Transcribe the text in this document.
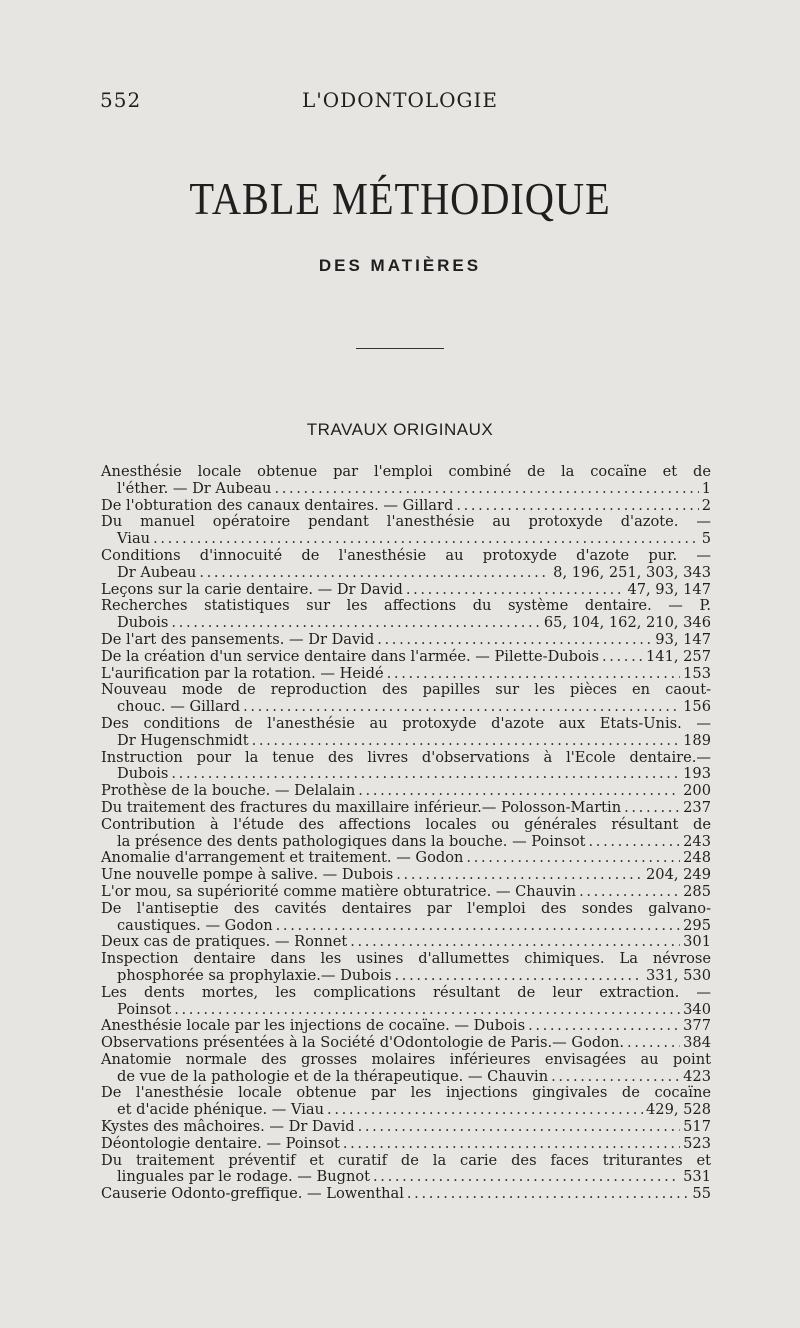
552	L'ODONTOLOGIE
TABLE MÉTHODIQUE
DES MATIÈRES
TRAVAUX ORIGINAUX
Anesthésie locale obtenue par l'emploi combiné de la cocaïne et de
l'éther. — Dr Aubeau . . .	1
De l'obturation des canaux dentaires. — Gillard . . .	2
Du manuel opératoire pendant l'anesthésie au protoxyde d'azote. —
Viau . . .	5
Conditions d'innocuité de l'anesthésie au protoxyde d'azote pur. —
Dr Aubeau . . .	8, 196, 251, 303, 343
Leçons sur la carie dentaire. — Dr David . . .	47, 93, 147
Recherches statistiques sur les affections du système dentaire. — P.
Dubois . . .	65, 104, 162, 210, 346
De l'art des pansements. — Dr David . . .	93, 147
De la création d'un service dentaire dans l'armée. — Pilette-Dubois . . .	141, 257
L'aurification par la rotation. — Heidé . . .	153
Nouveau mode de reproduction des papilles sur les pièces en caout-
chouc. — Gillard . . .	156
Des conditions de l'anesthésie au protoxyde d'azote aux Etats-Unis. —
Dr Hugenschmidt . . .	189
Instruction pour la tenue des livres d'observations à l'Ecole dentaire.—
Dubois . . .	193
Prothèse de la bouche. — Delalain . . .	200
Du traitement des fractures du maxillaire inférieur.— Polosson-Martin . . .	237
Contribution à l'étude des affections locales ou générales résultant de
la présence des dents pathologiques dans la bouche. — Poinsot . . .	243
Anomalie d'arrangement et traitement. — Godon . . .	248
Une nouvelle pompe à salive. — Dubois . . .	204, 249
L'or mou, sa supériorité comme matière obturatrice. — Chauvin . . .	285
De l'antiseptie des cavités dentaires par l'emploi des sondes galvano-
caustiques. — Godon . . .	295
Deux cas de pratiques. — Ronnet . . .	301
Inspection dentaire dans les usines d'allumettes chimiques. La névrose
phosphorée sa prophylaxie.— Dubois . . .	331, 530
Les dents mortes, les complications résultant de leur extraction. —
Poinsot . . .	340
Anesthésie locale par les injections de cocaïne. — Dubois . . .	377
Observations présentées à la Société d'Odontologie de Paris.— Godon. . . .	384
Anatomie normale des grosses molaires inférieures envisagées au point
de vue de la pathologie et de la thérapeutique. — Chauvin . . .	423
De l'anesthésie locale obtenue par les injections gingivales de cocaïne
et d'acide phénique. — Viau . . .	429, 528
Kystes des mâchoires. — Dr David . . .	517
Déontologie dentaire. — Poinsot . . .	523
Du traitement préventif et curatif de la carie des faces triturantes et
linguales par le rodage. — Bugnot . . .	531
Causerie Odonto-greffique. — Lowenthal . . .	55
